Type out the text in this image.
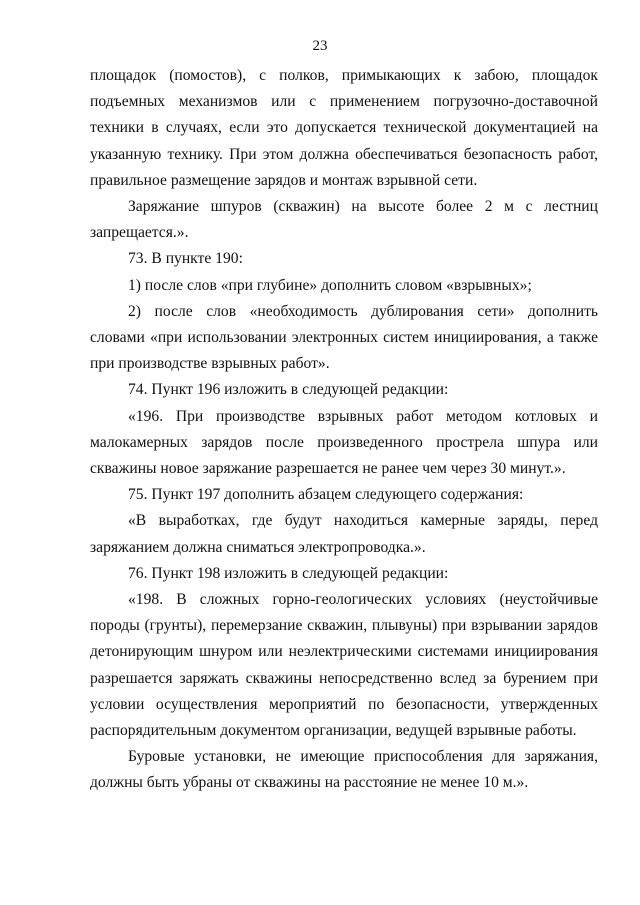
23

площадок (помостов), с полков, примыкающих к забою, площадок подъемных механизмов или с применением погрузочно-доставочной техники в случаях, если это допускается технической документацией на указанную технику. При этом должна обеспечиваться безопасность работ, правильное размещение зарядов и монтаж взрывной сети.

Заряжание шпуров (скважин) на высоте более 2 м с лестниц запрещается.».

73. В пункте 190:

1) после слов «при глубине» дополнить словом «взрывных»;

2) после слов «необходимость дублирования сети» дополнить словами «при использовании электронных систем инициирования, а также при производстве взрывных работ».

74. Пункт 196 изложить в следующей редакции:

«196. При производстве взрывных работ методом котловых и малокамерных зарядов после произведенного прострела шпура или скважины новое заряжание разрешается не ранее чем через 30 минут.».

75. Пункт 197 дополнить абзацем следующего содержания:

«В выработках, где будут находиться камерные заряды, перед заряжанием должна сниматься электропроводка.».

76. Пункт 198 изложить в следующей редакции:

«198. В сложных горно-геологических условиях (неустойчивые породы (грунты), перемерзание скважин, плывуны) при взрывании зарядов детонирующим шнуром или неэлектрическими системами инициирования разрешается заряжать скважины непосредственно вслед за бурением при условии осуществления мероприятий по безопасности, утвержденных распорядительным документом организации, ведущей взрывные работы.

Буровые установки, не имеющие приспособления для заряжания, должны быть убраны от скважины на расстояние не менее 10 м.».
